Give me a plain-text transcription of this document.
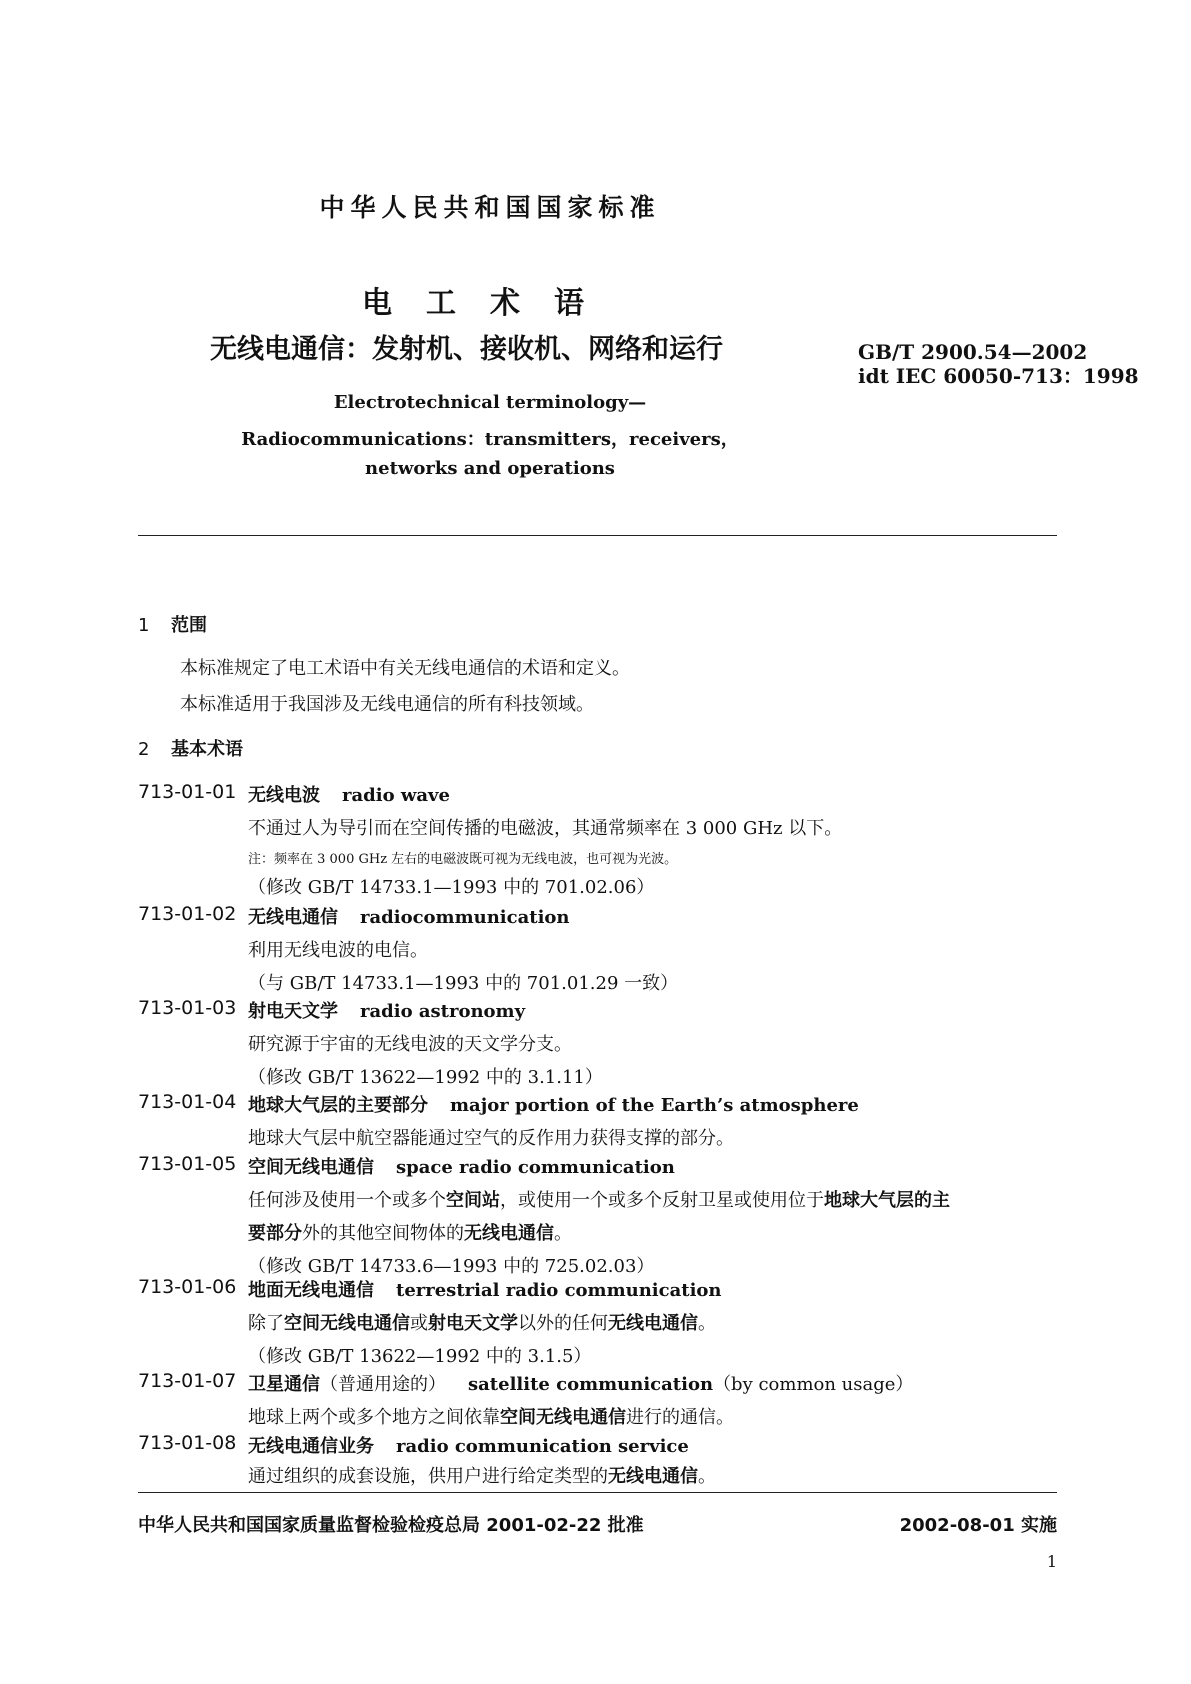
中华人民共和国国家标准
电工术语
无线电通信：发射机、接收机、网络和运行	GB/T 2900.54—2002
idt IEC 60050-713：1998
Electrotechnical terminology—
Radiocommunications：transmitters，receivers，
networks and operations
1 范围
本标准规定了电工术语中有关无线电通信的术语和定义。
本标准适用于我国涉及无线电通信的所有科技领域。
2 基本术语
713-01-01 无线电波 radio wave
不通过人为导引而在空间传播的电磁波，其通常频率在 3 000 GHz 以下。
注：频率在 3 000 GHz 左右的电磁波既可视为无线电波，也可视为光波。
（修改 GB/T 14733.1—1993 中的 701.02.06）
713-01-02 无线电通信 radiocommunication
利用无线电波的电信。
（与 GB/T 14733.1—1993 中的 701.01.29 一致）
713-01-03 射电天文学 radio astronomy
研究源于宇宙的无线电波的天文学分支。
（修改 GB/T 13622—1992 中的 3.1.11）
713-01-04 地球大气层的主要部分 major portion of the Earth’s atmosphere
地球大气层中航空器能通过空气的反作用力获得支撑的部分。
713-01-05 空间无线电通信 space radio communication
任何涉及使用一个或多个空间站，或使用一个或多个反射卫星或使用位于地球大气层的主
要部分外的其他空间物体的无线电通信。
（修改 GB/T 14733.6—1993 中的 725.02.03）
713-01-06 地面无线电通信 terrestrial radio communication
除了空间无线电通信或射电天文学以外的任何无线电通信。
（修改 GB/T 13622—1992 中的 3.1.5）
713-01-07 卫星通信（普通用途的） satellite communication（by common usage）
地球上两个或多个地方之间依靠空间无线电通信进行的通信。
713-01-08 无线电通信业务 radio communication service
通过组织的成套设施，供用户进行给定类型的无线电通信。
中华人民共和国国家质量监督检验检疫总局 2001-02-22 批准	2002-08-01 实施
1
